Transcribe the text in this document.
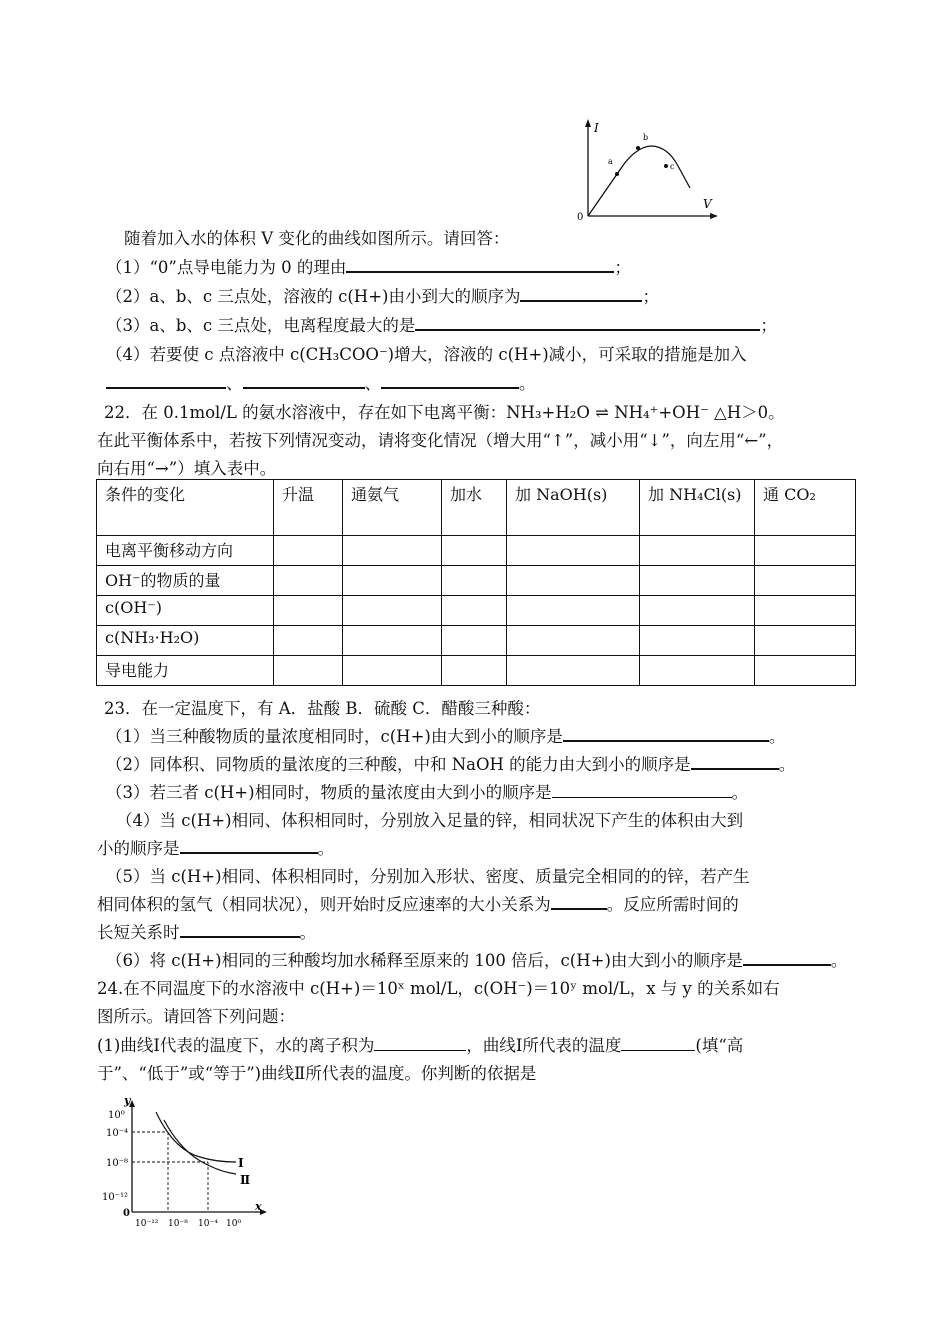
I
V
0
a
b
c
随着加入水的体积 V 变化的曲线如图所示。请回答：
（1）“0”点导电能力为 0 的理由	；
（2）a、b、c 三点处，溶液的 c(H+)由小到大的顺序为	；
（3）a、b、c 三点处，电离程度最大的是	；
（4）若要使 c 点溶液中 c(CH₃COO⁻)增大，溶液的 c(H+)减小，可采取的措施是加入
、	、	。
22．在 0.1mol/L 的氨水溶液中，存在如下电离平衡：NH₃+H₂O ⇌ NH₄⁺+OH⁻ △H＞0。
在此平衡体系中，若按下列情况变动，请将变化情况（增大用“↑”，减小用“↓”，向左用“←”，
向右用“→”）填入表中。
条件的变化	升温	通氨气	加水	加 NaOH(s)	加 NH₄Cl(s)	通 CO₂
电离平衡移动方向						
OH⁻的物质的量						
c(OH⁻)						
c(NH₃·H₂O)						
导电能力						
23．在一定温度下，有 A．盐酸 B．硫酸 C．醋酸三种酸：
（1）当三种酸物质的量浓度相同时，c(H+)由大到小的顺序是	。
（2）同体积、同物质的量浓度的三种酸，中和 NaOH 的能力由大到小的顺序是	。
（3）若三者 c(H+)相同时，物质的量浓度由大到小的顺序是	。
（4）当 c(H+)相同、体积相同时，分别放入足量的锌，相同状况下产生的体积由大到
小的顺序是	。
（5）当 c(H+)相同、体积相同时，分别加入形状、密度、质量完全相同的的锌，若产生
相同体积的氢气（相同状况），则开始时反应速率的大小关系为	。反应所需时间的
长短关系时	。
（6）将 c(H+)相同的三种酸均加水稀释至原来的 100 倍后，c(H+)由大到小的顺序是	。
24.在不同温度下的水溶液中 c(H+)＝10ˣ mol/L，c(OH⁻)＝10ʸ mol/L，x 与 y 的关系如右
图所示。请回答下列问题：
(1)曲线Ⅰ代表的温度下，水的离子积为	，曲线Ⅰ所代表的温度	(填“高
于”、“低于”或“等于”)曲线Ⅱ所代表的温度。你判断的依据是
y
x
0
10⁰
10⁻⁴
10⁻⁸
10⁻¹²
10⁻¹² 10⁻⁸ 10⁻⁴ 10⁰
Ⅰ
Ⅱ
